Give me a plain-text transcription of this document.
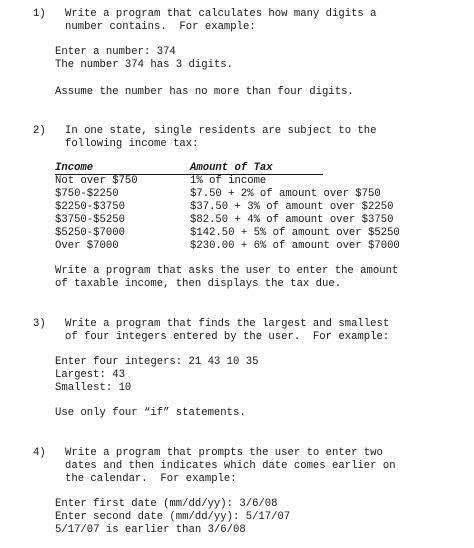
1) Write a program that calculates how many digits a
number contains.  For example:
Enter a number: 374
The number 374 has 3 digits.
Assume the number has no more than four digits.
2) In one state, single residents are subject to the
following income tax:
Income	Amount of Tax
Not over $750	1% of income
$750-$2250	$7.50 + 2% of amount over $750
$2250-$3750	$37.50 + 3% of amount over $2250
$3750-$5250	$82.50 + 4% of amount over $3750
$5250-$7000	$142.50 + 5% of amount over $5250
Over $7000	$230.00 + 6% of amount over $7000
Write a program that asks the user to enter the amount
of taxable income, then displays the tax due.
3) Write a program that finds the largest and smallest
of four integers entered by the user.  For example:
Enter four integers: 21 43 10 35
Largest: 43
Smallest: 10
Use only four “if” statements.
4) Write a program that prompts the user to enter two
dates and then indicates which date comes earlier on
the calendar.  For example:
Enter first date (mm/dd/yy): 3/6/08
Enter second date (mm/dd/yy): 5/17/07
5/17/07 is earlier than 3/6/08
